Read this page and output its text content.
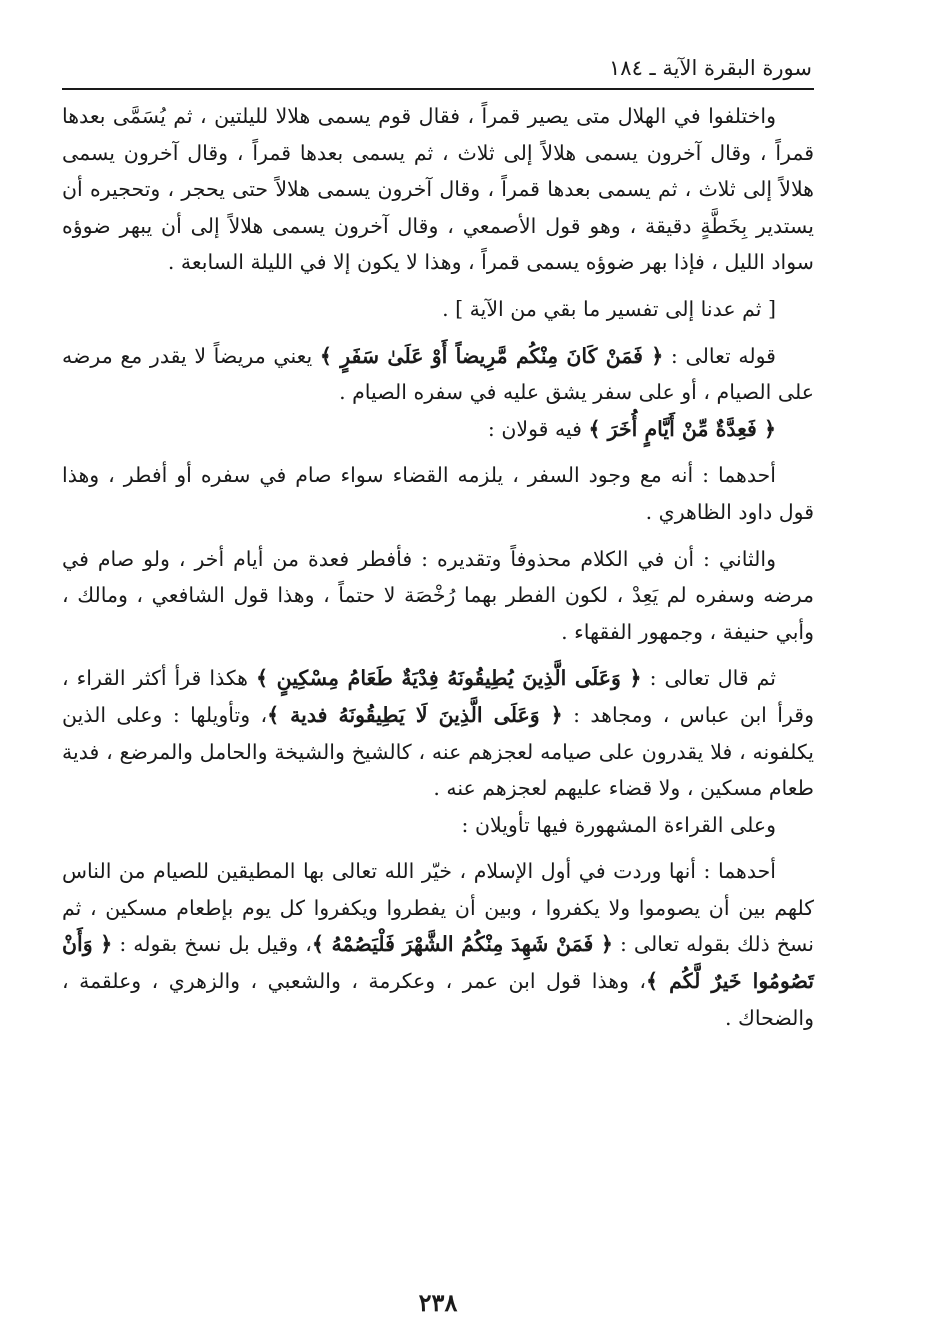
سورة البقرة الآية ـ ١٨٤

واختلفوا في الهلال متى يصير قمراً ، فقال قوم يسمى هلالا لليلتين ، ثم يُسَمَّى بعدها قمراً ، وقال آخرون يسمى هلالاً إلى ثلاث ، ثم يسمى بعدها قمراً ، وقال آخرون يسمى هلالاً إلى ثلاث ، ثم يسمى بعدها قمراً ، وقال آخرون يسمى هلالاً حتى يحجر ، وتحجيره أن يستدير بِخَطَّةٍ دقيقة ، وهو قول الأصمعي ، وقال آخرون يسمى هلالاً إلى أن يبهر ضوؤه سواد الليل ، فإذا بهر ضوؤه يسمى قمراً ، وهذا لا يكون إلا في الليلة السابعة .

[ ثم عدنا إلى تفسير ما بقي من الآية ] .

قوله تعالى : ﴿ فَمَنْ كَانَ مِنْكُم مَّرِيضاً أَوْ عَلَىٰ سَفَرٍ ﴾ يعني مريضاً لا يقدر مع مرضه على الصيام ، أو على سفر يشق عليه في سفره الصيام .

﴿ فَعِدَّةٌ مِّنْ أَيَّامٍ أُخَرَ ﴾ فيه قولان :

أحدهما : أنه مع وجود السفر ، يلزمه القضاء سواء صام في سفره أو أفطر ، وهذا قول داود الظاهري .

والثاني : أن في الكلام محذوفاً وتقديره : فأفطر فعدة من أيام أخر ، ولو صام في مرضه وسفره لم يَعِدْ ، لكون الفطر بهما رُخْصَة لا حتماً ، وهذا قول الشافعي ، ومالك ، وأبي حنيفة ، وجمهور الفقهاء .

ثم قال تعالى : ﴿ وَعَلَى الَّذِينَ يُطِيقُونَهُ فِدْيَةٌ طَعَامُ مِسْكِينٍ ﴾ هكذا قرأ أكثر القراء ، وقرأ ابن عباس ، ومجاهد : ﴿ وَعَلَى الَّذِينَ لَا يَطِيقُونَهُ فدية ﴾، وتأويلها : وعلى الذين يكلفونه ، فلا يقدرون على صيامه لعجزهم عنه ، كالشيخ والشيخة والحامل والمرضع ، فدية طعام مسكين ، ولا قضاء عليهم لعجزهم عنه .

وعلى القراءة المشهورة فيها تأويلان :

أحدهما : أنها وردت في أول الإسلام ، خيّر الله تعالى بها المطيقين للصيام من الناس كلهم بين أن يصوموا ولا يكفروا ، وبين أن يفطروا ويكفروا كل يوم بإطعام مسكين ، ثم نسخ ذلك بقوله تعالى : ﴿ فَمَنْ شَهِدَ مِنْكُمُ الشَّهْرَ فَلْيَصُمْهُ ﴾، وقيل بل نسخ بقوله : ﴿ وَأَنْ تَصُومُوا خَيرٌ لَّكُم ﴾، وهذا قول ابن عمر ، وعكرمة ، والشعبي ، والزهري ، وعلقمة ، والضحاك .

٢٣٨
